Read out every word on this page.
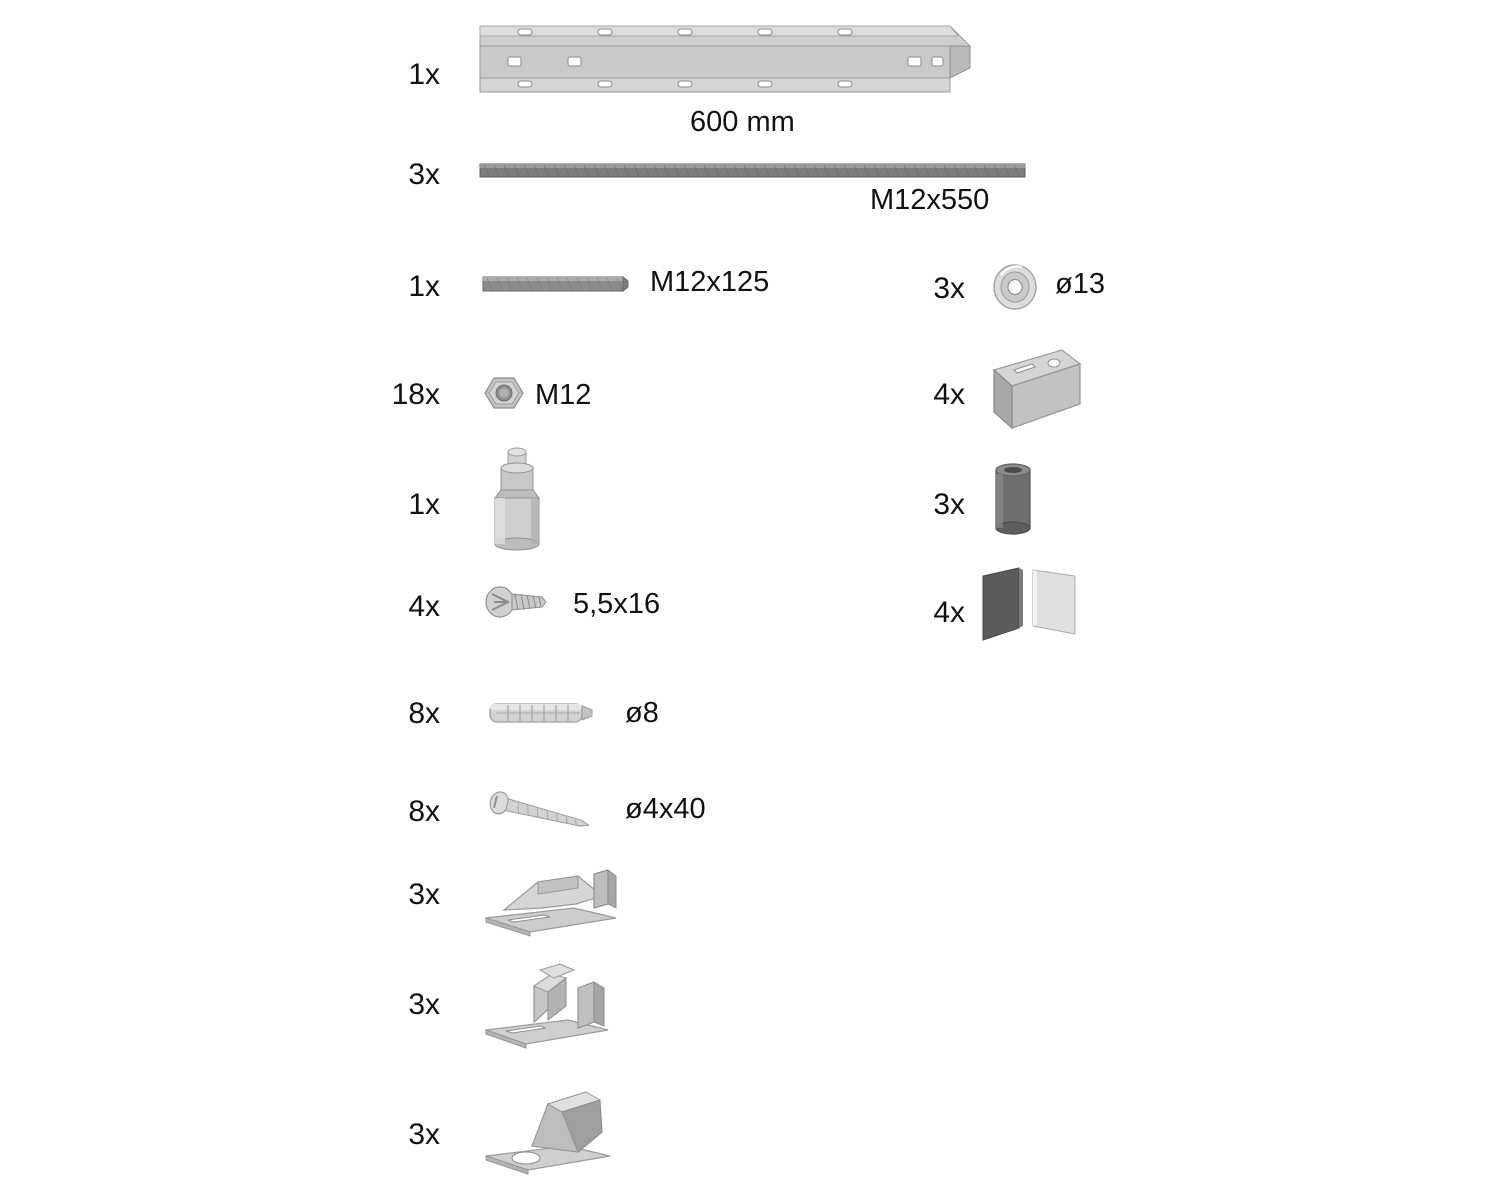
1x
600 mm
3x
M12x550
1x	M12x125	3x	ø13
18x	M12	4x
1x	3x
4x	5,5x16	4x
8x	ø8
8x	ø4x40
3x
3x
3x
